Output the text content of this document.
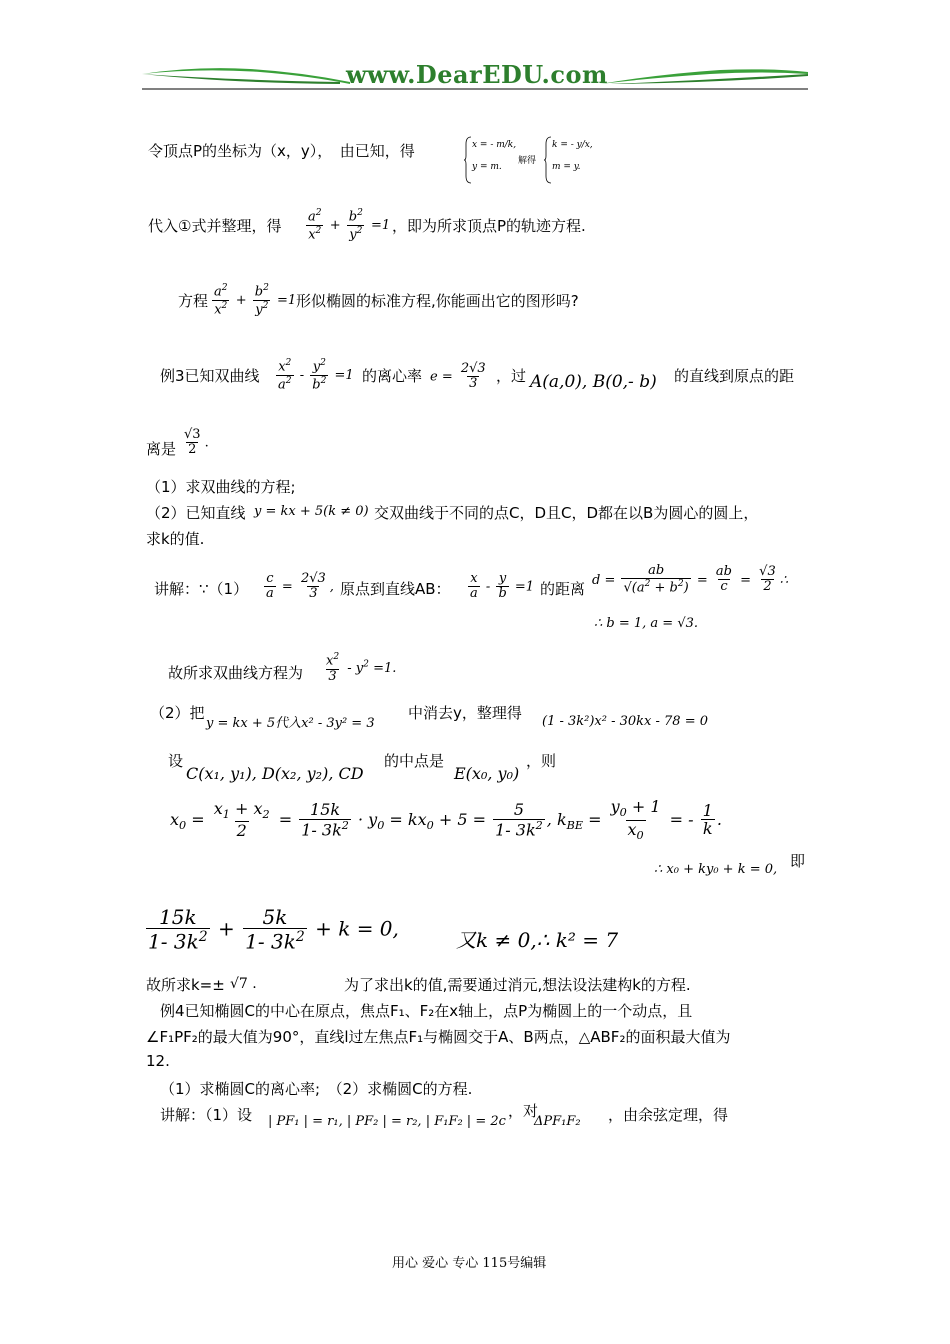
www.DearEDU.com
令顶点P的坐标为（x，y），　由已知，得	x = - m/k,
y = m.
解得
k = - y/x,
m = y.
代入①式并整理，得 $\frac{a^2}{x^2} + \frac{b^2}{y^2} =1$ ，即为所求顶点P的轨迹方程.
方程 $\frac{a^2}{x^2} + \frac{b^2}{y^2} =1$ 形似椭圆的标准方程,你能画出它的图形吗?
例3已知双曲线 $\frac{x^2}{a^2} - \frac{y^2}{b^2} =1$ 的离心率 $e = \frac{2√3}{3}$ ，过 A(a,0), B(0,- b) 的直线到原点的距
离是 $\frac{√3}{2}$ .
（1）求双曲线的方程;
（2）已知直线 y = kx + 5(k ≠ 0) 交双曲线于不同的点C，D且C，D都在以B为圆心的圆上，
求k的值.
讲解：∵（1） $\frac{c}{a} = \frac{2√3}{3}$ , 原点到直线AB： $\frac{x}{a} - \frac{y}{b} =1$ 的距离 $d = \frac{ab}{√(a^2 + b^2)} = \frac{ab}{c} = \frac{√3}{2}$ ∴
∴ b = 1, a = √3.
故所求双曲线方程为 $\frac{x^2}{3} - y^2 =1$.
（2）把
y = kx + 5代入x² - 3y² = 3
中消去y，整理得 (1 - 3k²)x² - 30kx - 78 = 0
设
C(x₁, y₁), D(x₂, y₂), CD
的中点是
E(x₀, y₀)
，则
$x_0 = \frac{x_1 + x_2}{2} = \frac{15k}{1- 3k^2} \cdot y_0 = kx_0 + 5 = \frac{5}{1- 3k^2}$ , $k_{BE} = \frac{y_0 + 1}{x_0}$ = - $\frac{1}{k}$ .
∴ x₀ + ky₀ + k = 0, 即
$\frac{15k}{1- 3k^2} + \frac{5k}{1- 3k^2} + k = 0$,	又k ≠ 0,∴ k² = 7
故所求k=± √7 .	为了求出k的值,需要通过消元,想法设法建构k的方程.
例4已知椭圆C的中心在原点，焦点F₁、F₂在x轴上，点P为椭圆上的一个动点，且
∠F₁PF₂的最大值为90°，直线l过左焦点F₁与椭圆交于A、B两点，△ABF₂的面积最大值为
12.
（1）求椭圆C的离心率;　（2）求椭圆C的方程.
讲解：（1）设 | PF₁ | = r₁, | PF₂ | = r₂, | F₁F₂ | = 2c
，对
ΔPF₁F₂ ，由余弦定理，得
用心 爱心 专心 115号编辑
